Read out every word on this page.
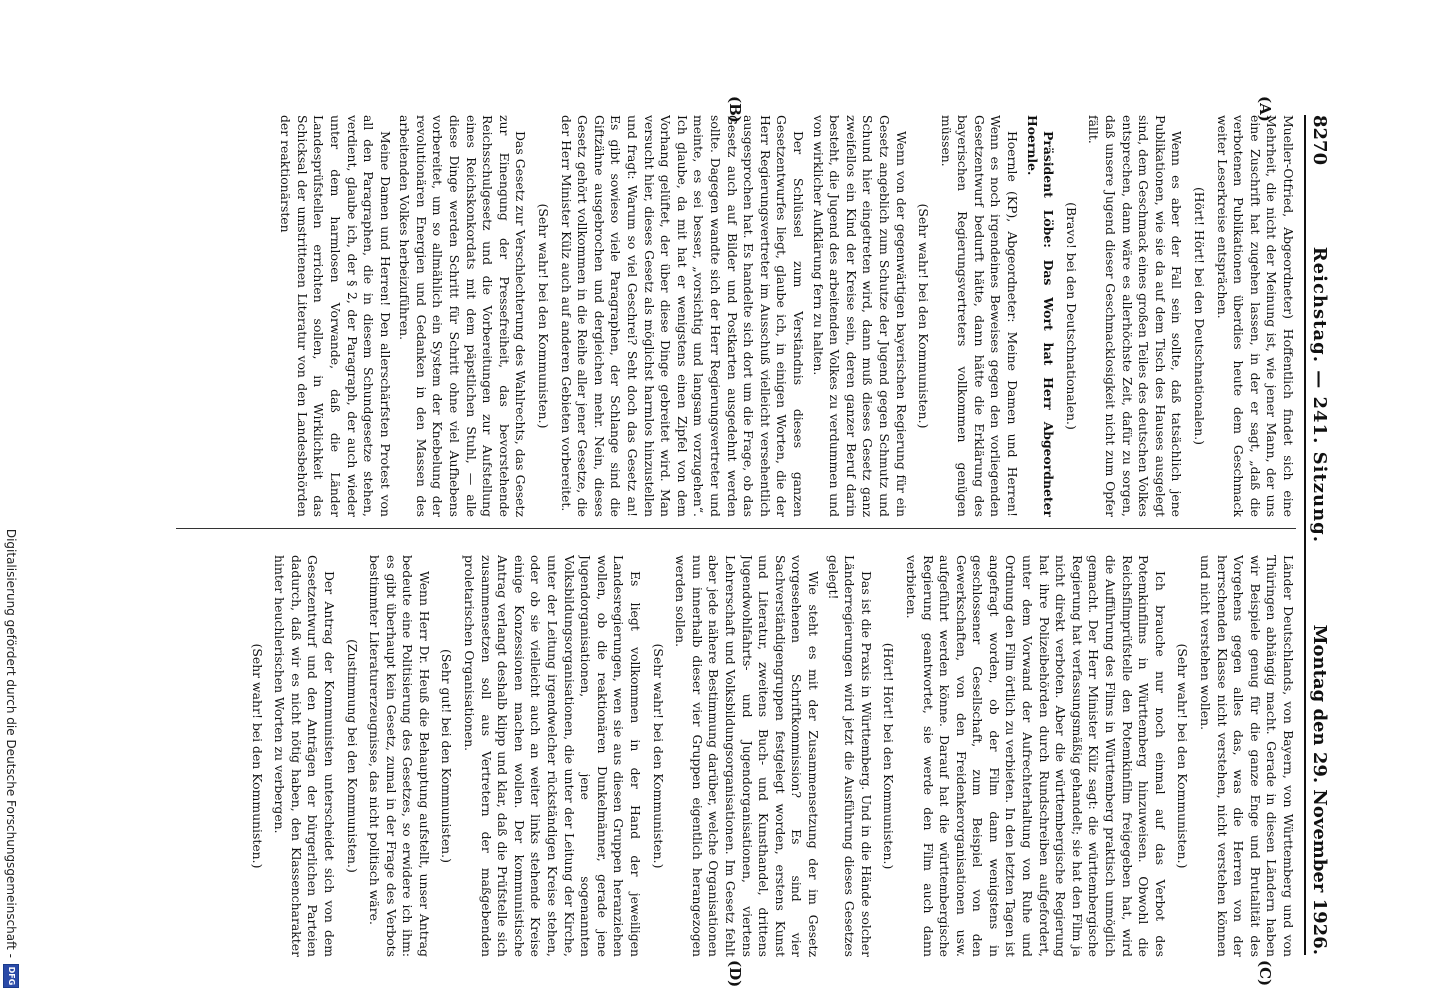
8270
Reichstag. — 241. Sitzung.
Montag den 29. November 1926.
(A)
(B)
(C)
(D)

Mueller-Otfried, Abgeordneter) Hoffentlich findet sich eine Mehrheit, die nicht der Meinung ist, wie jener Mann, der uns eine Zuschrift hat zugehen lassen, in der er sagt, „daß die verbotenen Publikationen überdies heute dem Geschmack weiter Leserkreise entsprächen.

(Hört! Hört! bei den Deutschnationalen.)

Wenn es aber der Fall sein sollte, daß tatsächlich jene Publikationen, wie sie da auf dem Tisch des Hauses ausgelegt sind, dem Geschmack eines großen Teiles des deutschen Volkes entsprechen, dann wäre es allerhöchste Zeit, dafür zu sorgen, daß unsere Jugend dieser Geschmacklosigkeit nicht zum Opfer fällt.

(Bravo! bei den Deutschnationalen.)

Präsident Löbe: Das Wort hat Herr Abgeordneter Hoernle.

Hoernle (KP), Abgeordneter: Meine Damen und Herren! Wenn es noch irgendeines Beweises gegen den vorliegenden Gesetzentwurf bedurft hätte, dann hätte die Erklärung des bayerischen Regierungsvertreters vollkommen genügen müssen.

(Sehr wahr! bei den Kommunisten.)

Wenn von der gegenwärtigen bayerischen Regierung für ein Gesetz angeblich zum Schutze der Jugend gegen Schmutz und Schund hier eingetreten wird, dann muß dieses Gesetz ganz zweifellos ein Kind der Kreise sein, deren ganzer Beruf darin besteht, die Jugend des arbeitenden Volkes zu verdummen und von wirklicher Aufklärung fern zu halten.

Der Schlüssel zum Verständnis dieses ganzen Gesetzentwurfes liegt, glaube ich, in einigen Worten, die der Herr Regierungsvertreter im Ausschuß vielleicht versehentlich ausgesprochen hat. Es handelte sich dort um die Frage, ob das Gesetz auch auf Bilder und Postkarten ausgedehnt werden sollte. Dagegen wandte sich der Herr Regierungsvertreter und meinte, es sei besser, „vorsichtig und langsam vorzugehen“. Ich glaube, da mit hat er wenigstens einen Zipfel von dem Vorhang gelüftet, der über diese Dinge gebreitet wird. Man versucht hier, dieses Gesetz als möglichst harmlos hinzustellen und fragt: Warum so viel Geschrei? Seht doch das Gesetz an! Es gibt sowieso viele Paragraphen, der Schlange sind die Giftzähne ausgebrochen und dergleichen mehr. Nein, dieses Gesetz gehört vollkommen in die Reihe aller jener Gesetze, die der Herr Minister Külz auch auf anderen Gebieten vorbereitet.

(Sehr wahr! bei den Kommunisten.)

Das Gesetz zur Verschlechterung des Wahlrechts, das Gesetz zur Einengung der Pressefreiheit, das bevorstehende Reichsschulgesetz und die Vorbereitungen zur Aufstellung eines Reichskonkordats mit dem päpstlichen Stuhl, — alle diese Dinge werden Schritt für Schritt ohne viel Aufhebens vorbereitet, um so allmählich ein System der Knebelung der revolutionären Energien und Gedanken in den Massen des arbeitenden Volkes herbeizuführen.

Meine Damen und Herren! Den allerschärfsten Protest von all den Paragraphen, die in diesem Schundgesetze stehen, verdient, glaube ich, der § 2, der Paragraph, der auch wieder unter dem harmlosen Vorwande, daß die Länder Landesprüfstellen errichten sollen, in Wirklichkeit das Schicksal der umstrittenen Literatur von den Landesbehörden der reaktionärsten

Länder Deutschlands, von Bayern, von Württemberg und von Thüringen abhängig macht. Gerade in diesen Ländern haben wir Beispiele genug für die ganze Enge und Brutalität des Vorgehens gegen alles das, was die Herren von der herrschenden Klasse nicht verstehen, nicht verstehen können und nicht verstehen wollen.

(Sehr wahr! bei den Kommunisten.)

Ich brauche nur noch einmal auf das Verbot des Potemkinfilms in Württemberg hinzuweisen. Obwohl die Reichsfilmprüfstelle den Potemkinfilm freigegeben hat, wird die Aufführung des Films in Württemberg praktisch unmöglich gemacht. Der Herr Minister Külz sagt: die württembergische Regierung hat verfassungsmäßig gehandelt; sie hat den Film ja nicht direkt verboten. Aber die württembergische Regierung hat ihre Polizeibehörden durch Rundschreiben aufgefordert, unter dem Vorwand der Aufrechterhaltung von Ruhe und Ordnung den Film örtlich zu verbieten. In den letzten Tagen ist angefragt worden, ob der Film dann wenigstens in geschlossener Gesellschaft, zum Beispiel von den Gewerkschaften, von den Freidenkerorganisationen usw. aufgeführt werden könne. Darauf hat die württembergische Regierung geantwortet, sie werde den Film auch dann verbieten.

(Hört! Hört! bei den Kommunisten.)

Das ist die Praxis in Württemberg. Und in die Hände solcher Länderregierungen wird jetzt die Ausführung dieses Gesetzes gelegt!

Wie steht es mit der Zusammensetzung der im Gesetz vorgesehenen Schriftkommission? Es sind vier Sachverständigengruppen festgelegt worden, erstens Kunst und Literatur, zweitens Buch- und Kunsthandel, drittens Jugendwohlfahrts- und Jugendorganisationen, viertens Lehrerschaft und Volksbildungsorganisationen. Im Gesetz fehlt aber jede nähere Bestimmung darüber, welche Organisationen nun innerhalb dieser vier Gruppen eigentlich herangezogen werden sollen.

(Sehr wahr! bei den Kommunisten.)

Es liegt vollkommen in der Hand der jeweiligen Landesregierungen, wen sie aus diesen Gruppen heranziehen wollen, ob die reaktionären Dunkelmänner, gerade jene Jugendorganisationen, jene sogenannten Volksbildungsorganisationen, die unter der Leitung der Kirche, unter der Leitung irgendwelcher rückständigen Kreise stehen, oder ob sie vielleicht auch an weiter links stehende Kreise einige Konzessionen machen wollen. Der kommunistische Antrag verlangt deshalb klipp und klar, daß die Prüfstelle sich zusammensetzen soll aus Vertretern der maßgebenden proletarischen Organisationen.

(Sehr gut! bei den Kommunisten.)

Wenn Herr Dr. Heuß die Behauptung aufstellt, unser Antrag bedeute eine Politisierung des Gesetzes, so erwidere ich ihm: es gibt überhaupt kein Gesetz, zumal in der Frage des Verbots bestimmter Literaturerzeugnisse, das nicht politisch wäre.

(Zustimmung bei den Kommunisten.)

Der Antrag der Kommunisten unterscheidet sich von dem Gesetzentwurf und den Anträgen der bürgerlichen Parteien dadurch, daß wir es nicht nötig haben, den Klassencharakter hinter heuchlerischen Worten zu verbergen.

(Sehr wahr! bei den Kommunisten.)

Digitalisierung gefördert durch die Deutsche Forschungsgemeinschaft -
DFG
